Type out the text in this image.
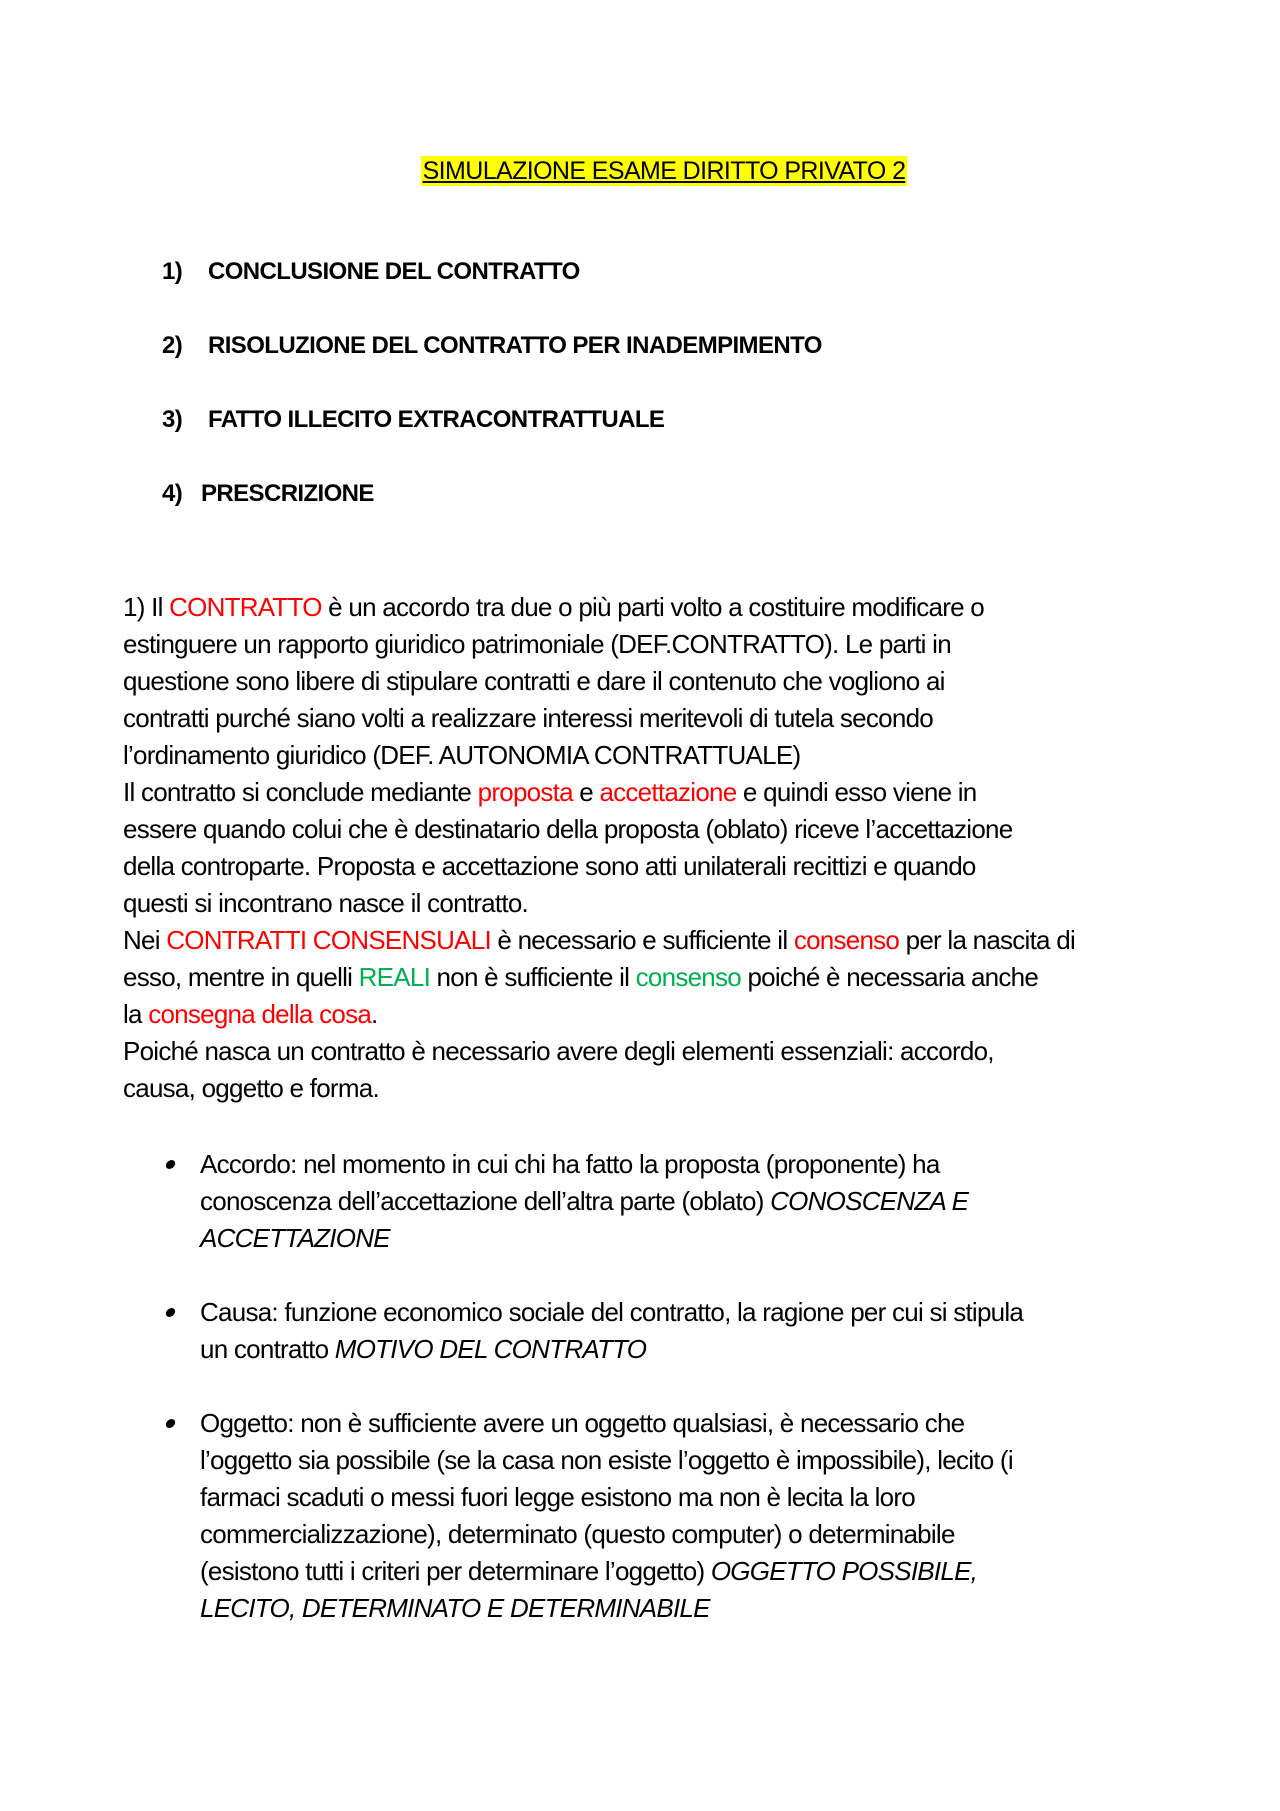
SIMULAZIONE ESAME DIRITTO PRIVATO 2
1) CONCLUSIONE DEL CONTRATTO
2) RISOLUZIONE DEL CONTRATTO PER INADEMPIMENTO
3) FATTO ILLECITO EXTRACONTRATTUALE
4) PRESCRIZIONE
1) Il CONTRATTO è un accordo tra due o più parti volto a costituire modificare o
estinguere un rapporto giuridico patrimoniale (DEF.CONTRATTO). Le parti in
questione sono libere di stipulare contratti e dare il contenuto che vogliono ai
contratti purché siano volti a realizzare interessi meritevoli di tutela secondo
l’ordinamento giuridico (DEF. AUTONOMIA CONTRATTUALE)
Il contratto si conclude mediante proposta e accettazione e quindi esso viene in
essere quando colui che è destinatario della proposta (oblato) riceve l’accettazione
della controparte. Proposta e accettazione sono atti unilaterali recittizi e quando
questi si incontrano nasce il contratto.
Nei CONTRATTI CONSENSUALI è necessario e sufficiente il consenso per la nascita di
esso, mentre in quelli REALI non è sufficiente il consenso poiché è necessaria anche
la consegna della cosa.
Poiché nasca un contratto è necessario avere degli elementi essenziali: accordo,
causa, oggetto e forma.
Accordo: nel momento in cui chi ha fatto la proposta (proponente) ha
conoscenza dell’accettazione dell’altra parte (oblato) CONOSCENZA E
ACCETTAZIONE
Causa: funzione economico sociale del contratto, la ragione per cui si stipula
un contratto MOTIVO DEL CONTRATTO
Oggetto: non è sufficiente avere un oggetto qualsiasi, è necessario che
l’oggetto sia possibile (se la casa non esiste l’oggetto è impossibile), lecito (i
farmaci scaduti o messi fuori legge esistono ma non è lecita la loro
commercializzazione), determinato (questo computer) o determinabile
(esistono tutti i criteri per determinare l’oggetto) OGGETTO POSSIBILE,
LECITO, DETERMINATO E DETERMINABILE
